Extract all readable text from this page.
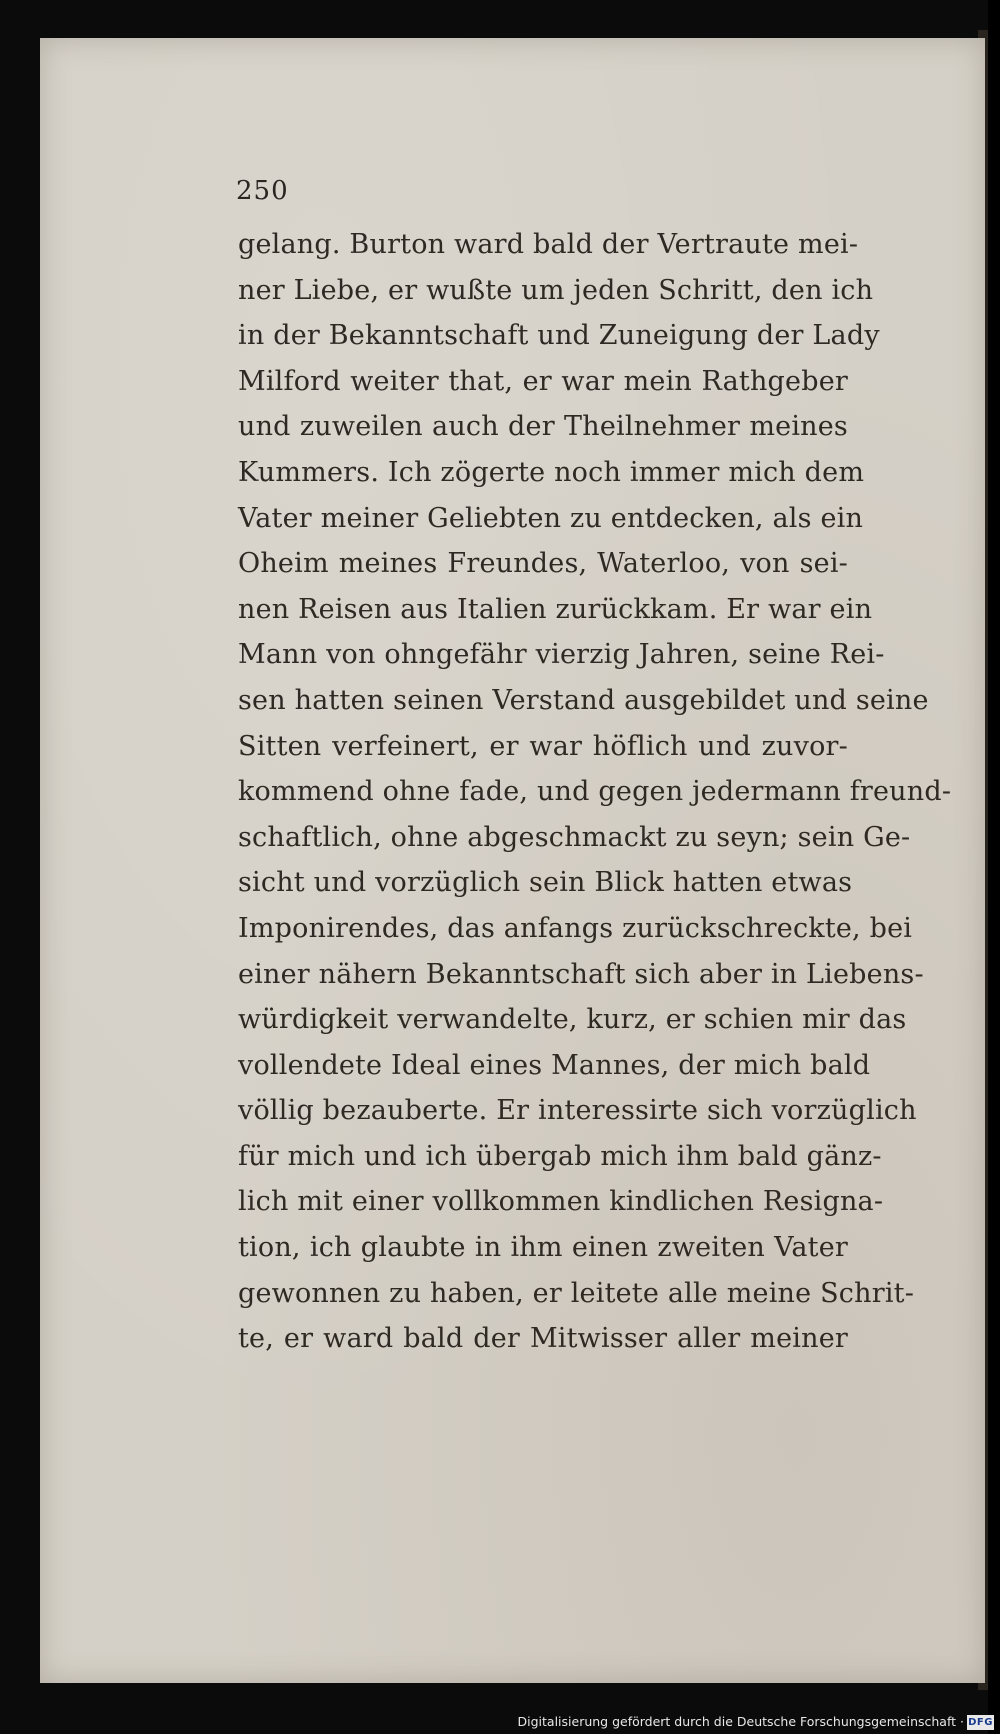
250
gelang. Burton ward bald der Vertraute mei-
ner Liebe, er wußte um jeden Schritt, den ich
in der Bekanntschaft und Zuneigung der Lady
Milford weiter that, er war mein Rathgeber
und zuweilen auch der Theilnehmer meines
Kummers. Ich zögerte noch immer mich dem
Vater meiner Geliebten zu entdecken, als ein
Oheim meines Freundes, Waterloo, von sei-
nen Reisen aus Italien zurückkam. Er war ein
Mann von ohngefähr vierzig Jahren, seine Rei-
sen hatten seinen Verstand ausgebildet und seine
Sitten verfeinert, er war höflich und zuvor-
kommend ohne fade, und gegen jedermann freund-
schaftlich, ohne abgeschmackt zu seyn; sein Ge-
sicht und vorzüglich sein Blick hatten etwas
Imponirendes, das anfangs zurückschreckte, bei
einer nähern Bekanntschaft sich aber in Liebens-
würdigkeit verwandelte, kurz, er schien mir das
vollendete Ideal eines Mannes, der mich bald
völlig bezauberte. Er interessirte sich vorzüglich
für mich und ich übergab mich ihm bald gänz-
lich mit einer vollkommen kindlichen Resigna-
tion, ich glaubte in ihm einen zweiten Vater
gewonnen zu haben, er leitete alle meine Schrit-
te, er ward bald der Mitwisser aller meiner
Digitalisierung gefördert durch die Deutsche Forschungsgemeinschaft · DFG
